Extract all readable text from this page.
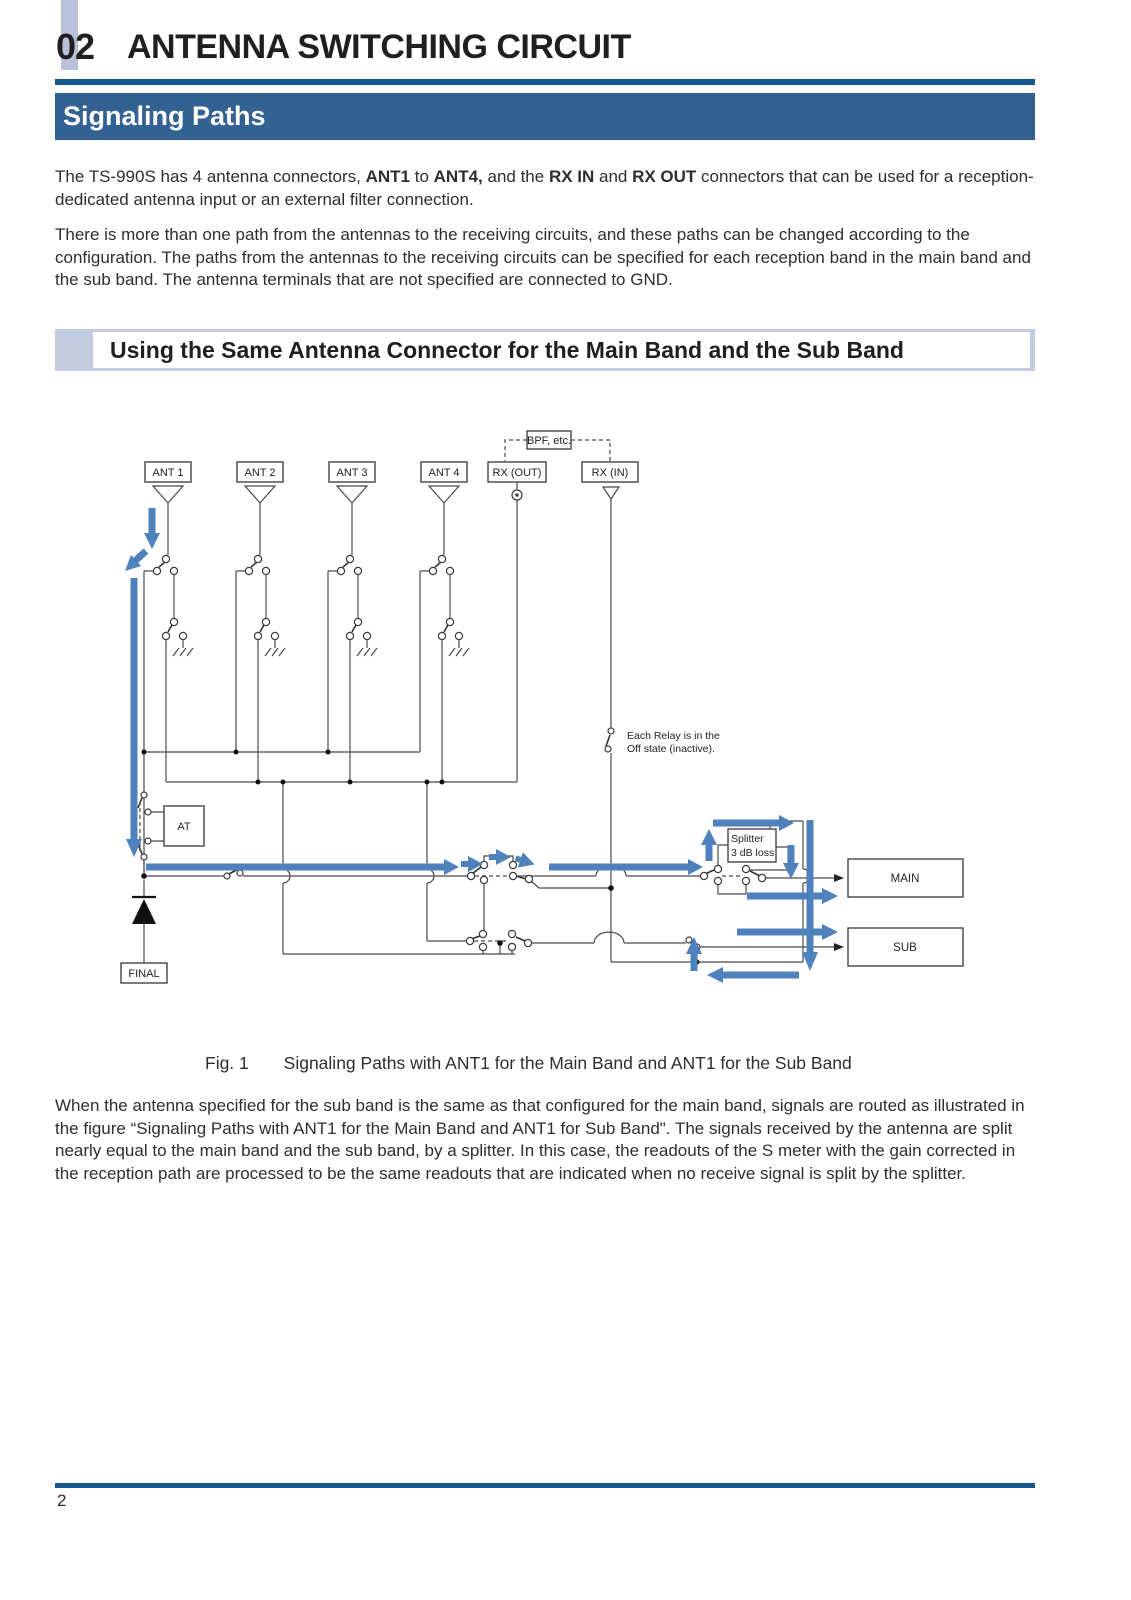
02 ANTENNA SWITCHING CIRCUIT
Signaling Paths
The TS-990S has 4 antenna connectors, ANT1 to ANT4, and the RX IN and RX OUT connectors that can be used for a reception-dedicated antenna input or an external filter connection.
There is more than one path from the antennas to the receiving circuits, and these paths can be changed according to the configuration. The paths from the antennas to the receiving circuits can be specified for each reception band in the main band and the sub band. The antenna terminals that are not specified are connected to GND.
Using the Same Antenna Connector for the Main Band and the Sub Band
BPF, etc.
ANT 1	ANT 2	ANT 3	ANT 4	RX (OUT)	RX (IN)
AT
FINAL
Each Relay is in the
Off state (inactive).
Splitter
3 dB loss
MAIN
SUB
Fig. 1 Signaling Paths with ANT1 for the Main Band and ANT1 for the Sub Band
When the antenna specified for the sub band is the same as that configured for the main band, signals are routed as illustrated in the figure “Signaling Paths with ANT1 for the Main Band and ANT1 for Sub Band". The signals received by the antenna are split nearly equal to the main band and the sub band, by a splitter. In this case, the readouts of the S meter with the gain corrected in the reception path are processed to be the same readouts that are indicated when no receive signal is split by the splitter.
2
